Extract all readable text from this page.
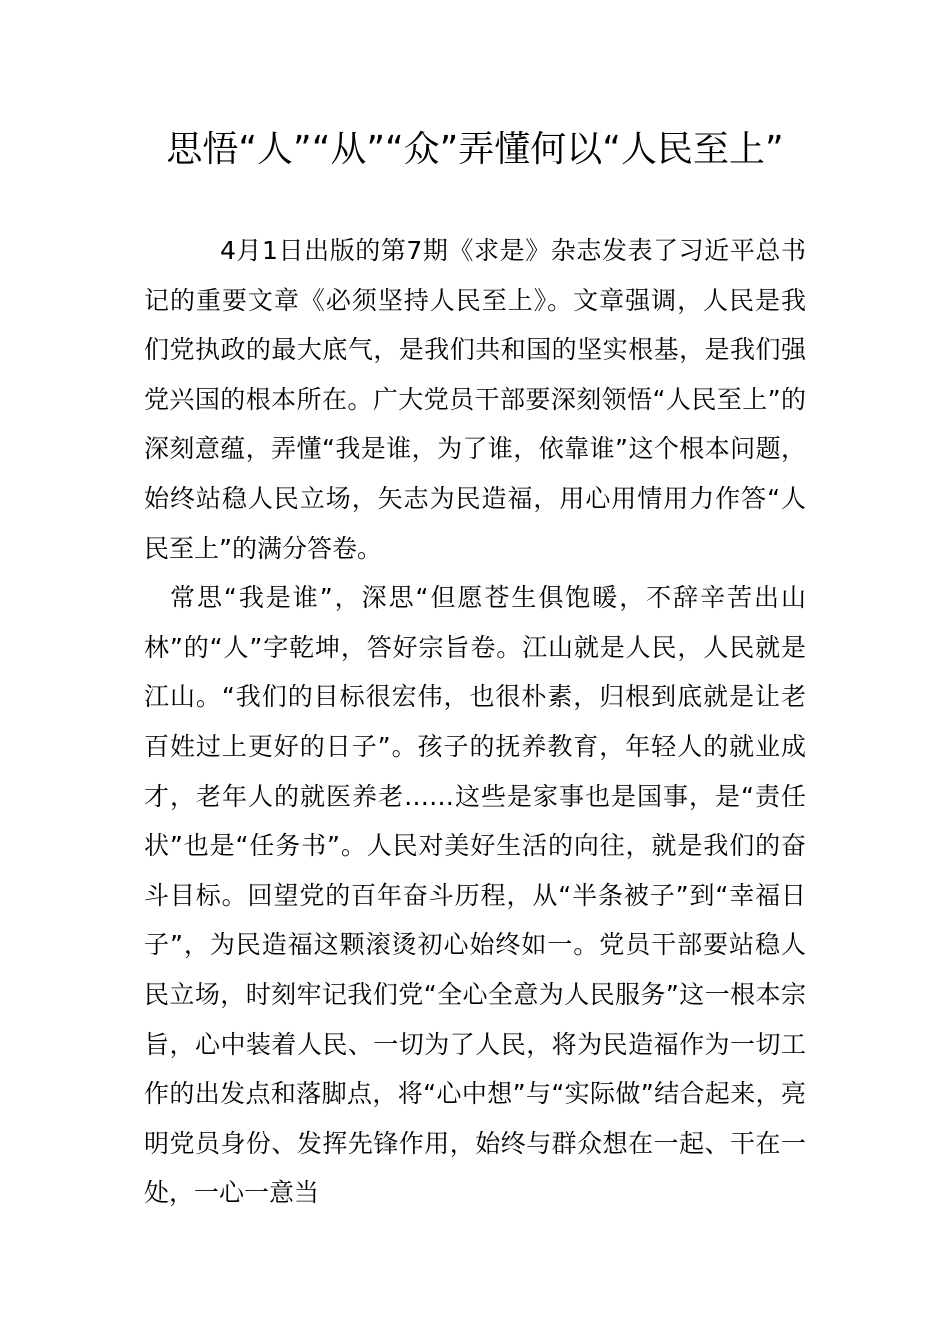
思悟“人”“从”“众”弄懂何以“人民至上”

4月1日出版的第7期《求是》杂志发表了习近平总书记的重要文章《必须坚持人民至上》。文章强调，人民是我们党执政的最大底气，是我们共和国的坚实根基，是我们强党兴国的根本所在。广大党员干部要深刻领悟“人民至上”的深刻意蕴，弄懂“我是谁，为了谁，依靠谁”这个根本问题，始终站稳人民立场，矢志为民造福，用心用情用力作答“人民至上”的满分答卷。

常思“我是谁”，深思“但愿苍生俱饱暖，不辞辛苦出山林”的“人”字乾坤，答好宗旨卷。江山就是人民，人民就是江山。“我们的目标很宏伟，也很朴素，归根到底就是让老百姓过上更好的日子”。孩子的抚养教育，年轻人的就业成才，老年人的就医养老……这些是家事也是国事，是“责任状”也是“任务书”。人民对美好生活的向往，就是我们的奋斗目标。回望党的百年奋斗历程，从“半条被子”到“幸福日子”，为民造福这颗滚烫初心始终如一。党员干部要站稳人民立场，时刻牢记我们党“全心全意为人民服务”这一根本宗旨，心中装着人民、一切为了人民，将为民造福作为一切工作的出发点和落脚点，将“心中想”与“实际做”结合起来，亮明党员身份、发挥先锋作用，始终与群众想在一起、干在一处，一心一意当
